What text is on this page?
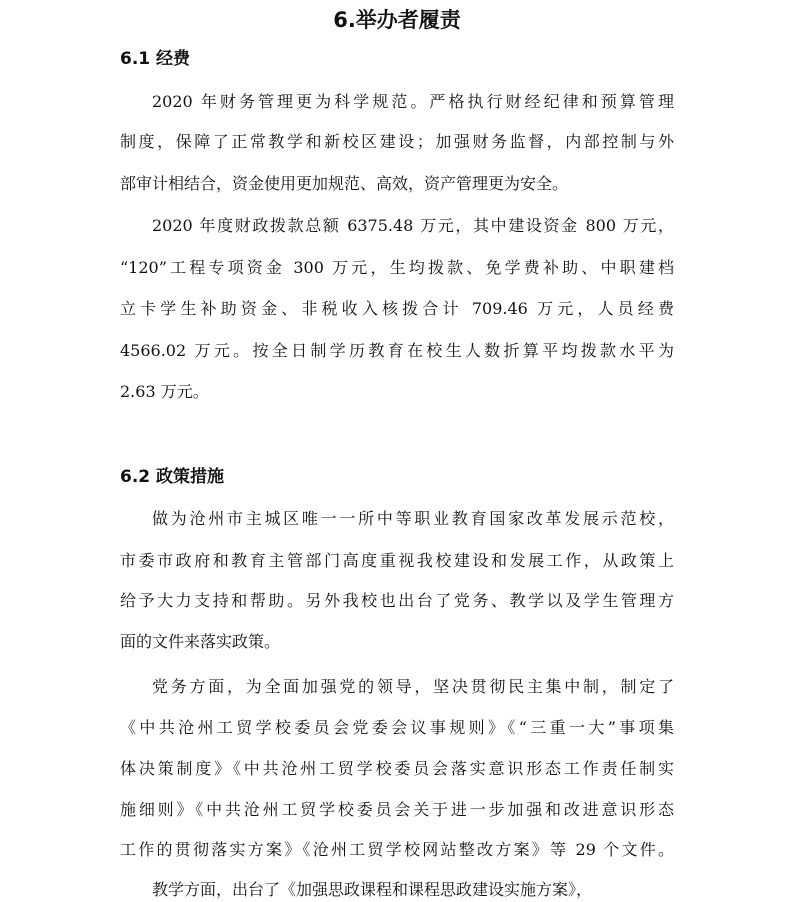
6.举办者履责
6.1 经费
2020 年财务管理更为科学规范。严格执行财经纪律和预算管理
制度，保障了正常教学和新校区建设；加强财务监督，内部控制与外
部审计相结合，资金使用更加规范、高效，资产管理更为安全。
2020 年度财政拨款总额 6375.48 万元，其中建设资金 800 万元，
“120”工程专项资金 300 万元，生均拨款、免学费补助、中职建档
立卡学生补助资金、非税收入核拨合计 709.46 万元，人员经费
4566.02 万元。按全日制学历教育在校生人数折算平均拨款水平为
2.63 万元。
6.2 政策措施
做为沧州市主城区唯一一所中等职业教育国家改革发展示范校，
市委市政府和教育主管部门高度重视我校建设和发展工作，从政策上
给予大力支持和帮助。另外我校也出台了党务、教学以及学生管理方
面的文件来落实政策。
党务方面，为全面加强党的领导，坚决贯彻民主集中制，制定了
《中共沧州工贸学校委员会党委会议事规则》《“三重一大”事项集
体决策制度》《中共沧州工贸学校委员会落实意识形态工作责任制实
施细则》《中共沧州工贸学校委员会关于进一步加强和改进意识形态
工作的贯彻落实方案》《沧州工贸学校网站整改方案》等 29 个文件。
教学方面，出台了《加强思政课程和课程思政建设实施方案》，
